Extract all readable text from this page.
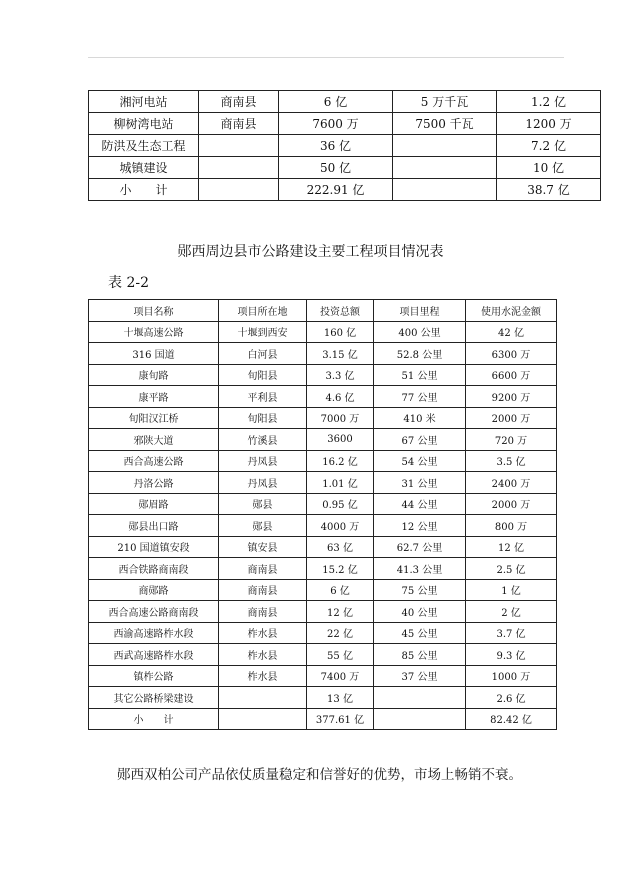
湘河电站	商南县	6 亿	5 万千瓦	1.2 亿
柳树湾电站	商南县	7600 万	7500 千瓦	1200 万
防洪及生态工程		36 亿		7.2 亿
城镇建设		50 亿		10 亿
小　　计		222.91 亿		38.7 亿
郧西周边县市公路建设主要工程项目情况表
表 2-2
项目名称	项目所在地	投资总额	项目里程	使用水泥金额
十堰高速公路	十堰到西安	160 亿	400 公里	42 亿
316 国道	白河县	3.15 亿	52.8 公里	6300 万
康旬路	旬阳县	3.3 亿	51 公里	6600 万
康平路	平利县	4.6 亿	77 公里	9200 万
旬阳汉江桥	旬阳县	7000 万	410 米	2000 万
邪陕大道	竹溪县	3600	67 公里	720 万
西合高速公路	丹凤县	16.2 亿	54 公里	3.5 亿
丹洛公路	丹凤县	1.01 亿	31 公里	2400 万
郧眉路	郧县	0.95 亿	44 公里	2000 万
郧县出口路	郧县	4000 万	12 公里	800 万
210 国道镇安段	镇安县	63 亿	62.7 公里	12 亿
西合铁路商南段	商南县	15.2 亿	41.3 公里	2.5 亿
商郧路	商南县	6 亿	75 公里	1 亿
西合高速公路商南段	商南县	12 亿	40 公里	2 亿
西渝高速路柞水段	柞水县	22 亿	45 公里	3.7 亿
西武高速路柞水段	柞水县	55 亿	85 公里	9.3 亿
镇柞公路	柞水县	7400 万	37 公里	1000 万
其它公路桥梁建设		13 亿		2.6 亿
小　　计		377.61 亿		82.42 亿
郧西双柏公司产品依仗质量稳定和信誉好的优势，市场上畅销不衰。
